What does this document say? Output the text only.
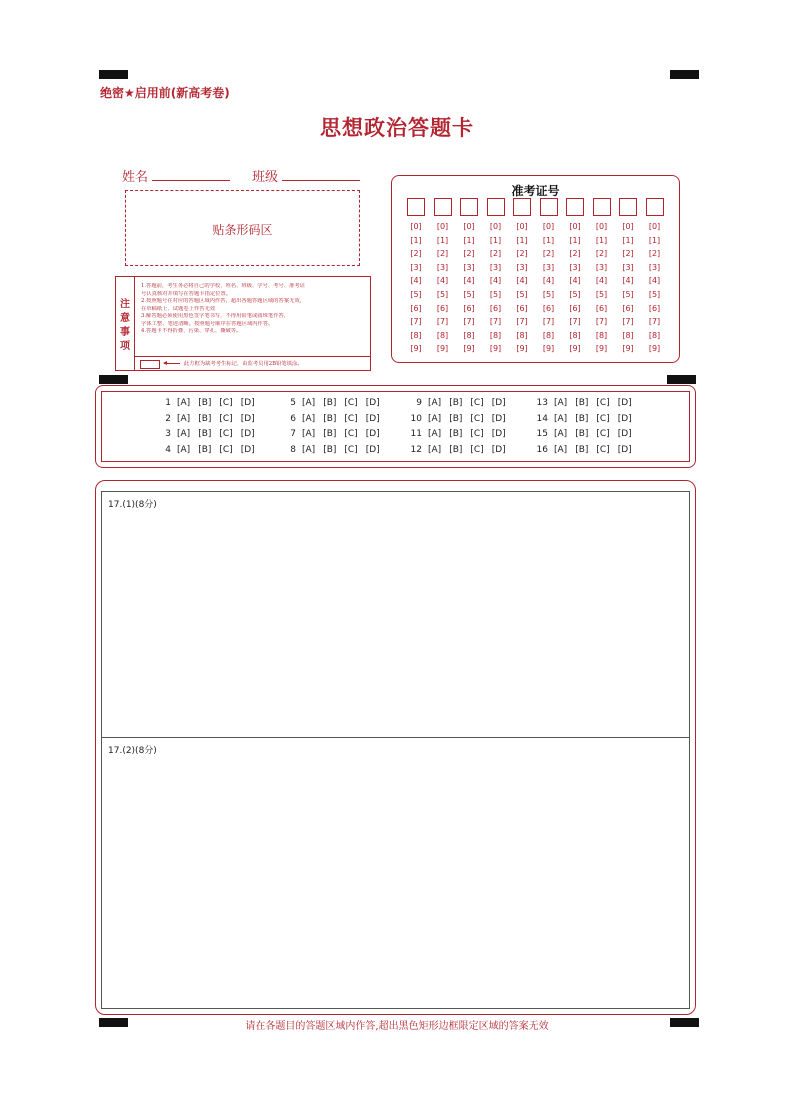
绝密★启用前(新高考卷)
思想政治答题卡
姓名	班级
贴条形码区
注
意
事
项
1.答题前，考生务必将自己的学校、姓名、班级、学号、考号、准考证
号认真核对并填写在答题卡指定位置。
2.按照题号在对应的答题区域内作答，超出各题答题区域的答案无效，
在草稿纸上、试题卷上作答无效
3.解答题必须使用黑色签字笔书写，不得用铅笔或圆珠笔作答，
字体工整、笔迹清晰。按照题号顺序在答题区域内作答。
4.答题卡不得折叠、污染、穿孔、撕破等。
此方框为缺考考生标记，由监考员用2B铅笔填涂。
准考证号
[0]
[1]
[2]
[3]
[4]
[5]
[6]
[7]
[8]
[9]
[0]
[1]
[2]
[3]
[4]
[5]
[6]
[7]
[8]
[9]
[0]
[1]
[2]
[3]
[4]
[5]
[6]
[7]
[8]
[9]
[0]
[1]
[2]
[3]
[4]
[5]
[6]
[7]
[8]
[9]
[0]
[1]
[2]
[3]
[4]
[5]
[6]
[7]
[8]
[9]
[0]
[1]
[2]
[3]
[4]
[5]
[6]
[7]
[8]
[9]
[0]
[1]
[2]
[3]
[4]
[5]
[6]
[7]
[8]
[9]
[0]
[1]
[2]
[3]
[4]
[5]
[6]
[7]
[8]
[9]
[0]
[1]
[2]
[3]
[4]
[5]
[6]
[7]
[8]
[9]
[0]
[1]
[2]
[3]
[4]
[5]
[6]
[7]
[8]
[9]
1 [A] [B] [C] [D]
2 [A] [B] [C] [D]
3 [A] [B] [C] [D]
4 [A] [B] [C] [D]
5 [A] [B] [C] [D]
6 [A] [B] [C] [D]
7 [A] [B] [C] [D]
8 [A] [B] [C] [D]
9 [A] [B] [C] [D]
10 [A] [B] [C] [D]
11 [A] [B] [C] [D]
12 [A] [B] [C] [D]
13 [A] [B] [C] [D]
14 [A] [B] [C] [D]
15 [A] [B] [C] [D]
16 [A] [B] [C] [D]
17.(1)(8分)
17.(2)(8分)
请在各题目的答题区域内作答,超出黑色矩形边框限定区域的答案无效
